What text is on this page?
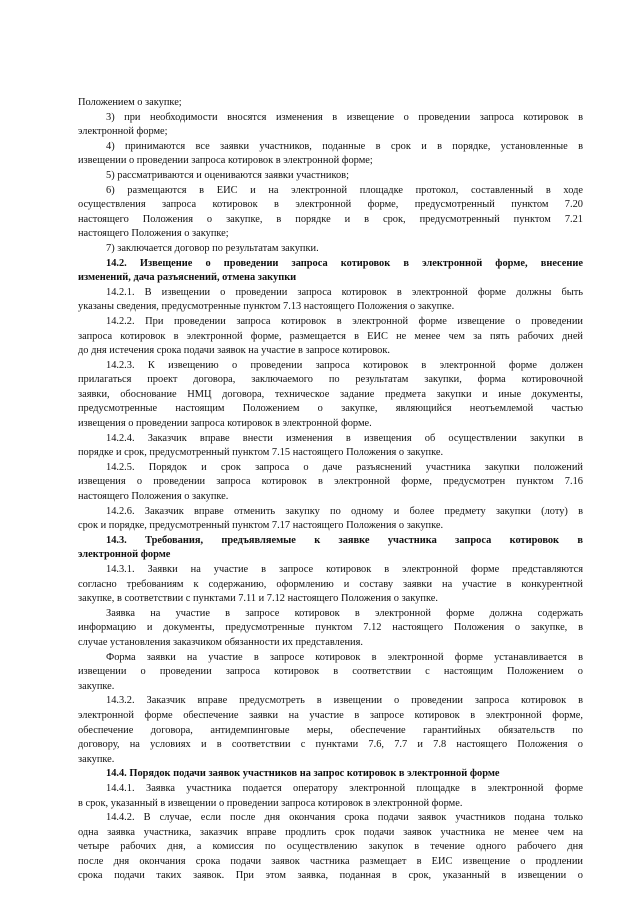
Положением о закупке;
3) при необходимости вносятся изменения в извещение о проведении запроса котировок в
электронной форме;
4) принимаются все заявки участников, поданные в срок и в порядке, установленные в
извещении о проведении запроса котировок в электронной форме;
5) рассматриваются и оцениваются заявки участников;
6) размещаются в ЕИС и на электронной площадке протокол, составленный в ходе
осуществления запроса котировок в электронной форме, предусмотренный пунктом 7.20
настоящего Положения о закупке, в порядке и в срок, предусмотренный пунктом 7.21
настоящего Положения о закупке;
7) заключается договор по результатам закупки.
14.2. Извещение о проведении запроса котировок в электронной форме, внесение
изменений, дача разъяснений, отмена закупки
14.2.1. В извещении о проведении запроса котировок в электронной форме должны быть
указаны сведения, предусмотренные пунктом 7.13 настоящего Положения о закупке.
14.2.2. При проведении запроса котировок в электронной форме извещение о проведении
запроса котировок в электронной форме, размещается в ЕИС не менее чем за пять рабочих дней
до дня истечения срока подачи заявок на участие в запросе котировок.
14.2.3. К извещению о проведении запроса котировок в электронной форме должен
прилагаться проект договора, заключаемого по результатам закупки, форма котировочной
заявки, обоснование НМЦ договора, техническое задание предмета закупки и иные документы,
предусмотренные настоящим Положением о закупке, являющийся неотъемлемой частью
извещения о проведении запроса котировок в электронной форме.
14.2.4. Заказчик вправе внести изменения в извещения об осуществлении закупки в
порядке и срок, предусмотренный пунктом 7.15 настоящего Положения о закупке.
14.2.5. Порядок и срок запроса о даче разъяснений участника закупки положений
извещения о проведении запроса котировок в электронной форме, предусмотрен пунктом 7.16
настоящего Положения о закупке.
14.2.6. Заказчик вправе отменить закупку по одному и более предмету закупки (лоту) в
срок и порядке, предусмотренный пунктом 7.17 настоящего Положения о закупке.
14.3. Требования, предъявляемые к заявке участника запроса котировок в
электронной форме
14.3.1. Заявки на участие в запросе котировок в электронной форме представляются
согласно требованиям к содержанию, оформлению и составу заявки на участие в конкурентной
закупке, в соответствии с пунктами 7.11 и 7.12 настоящего Положения о закупке.
Заявка на участие в запросе котировок в электронной форме должна содержать
информацию и документы, предусмотренные пунктом 7.12 настоящего Положения о закупке, в
случае установления заказчиком обязанности их представления.
Форма заявки на участие в запросе котировок в электронной форме устанавливается в
извещении о проведении запроса котировок в соответствии с настоящим Положением о
закупке.
14.3.2. Заказчик вправе предусмотреть в извещении о проведении запроса котировок в
электронной форме обеспечение заявки на участие в запросе котировок в электронной форме,
обеспечение договора, антидемпинговые меры, обеспечение гарантийных обязательств по
договору, на условиях и в соответствии с пунктами 7.6, 7.7 и 7.8 настоящего Положения о
закупке.
14.4. Порядок подачи заявок участников на запрос котировок в электронной форме
14.4.1. Заявка участника подается оператору электронной площадке в электронной форме
в срок, указанный в извещении о проведении запроса котировок в электронной форме.
14.4.2. В случае, если после дня окончания срока подачи заявок участников подана только
одна заявка участника, заказчик вправе продлить срок подачи заявок участника не менее чем на
четыре рабочих дня, а комиссия по осуществлению закупок в течение одного рабочего дня
после дня окончания срока подачи заявок частника размещает в ЕИС извещение о продлении
срока подачи таких заявок. При этом заявка, поданная в срок, указанный в извещении о
